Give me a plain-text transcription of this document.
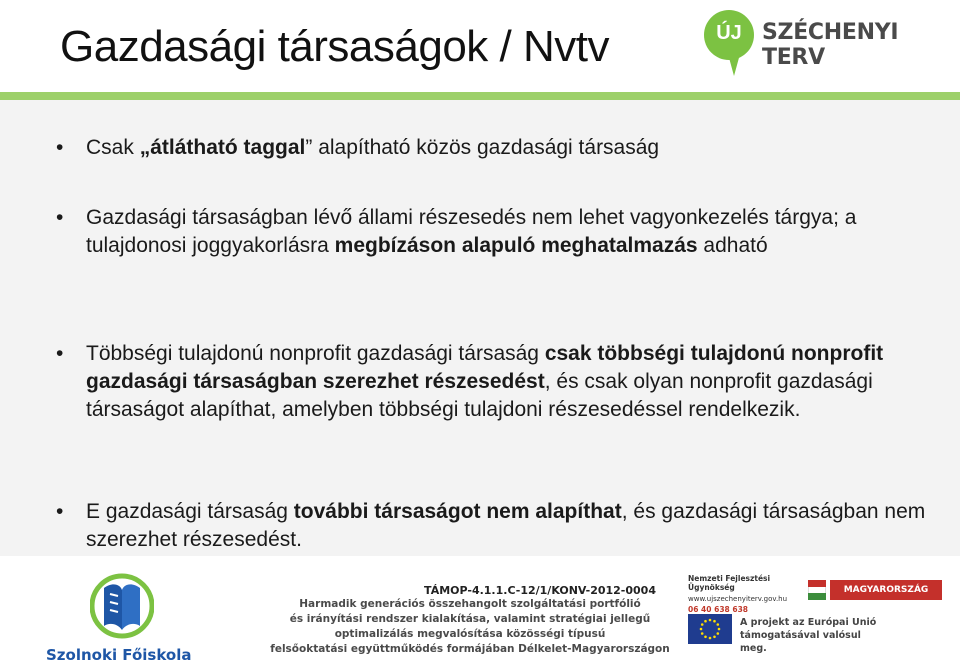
Gazdasági társaságok / Nvtv	ÚJ SZÉCHENYI TERV
• Csak „átlátható taggal” alapítható közös gazdasági társaság
• Gazdasági társaságban lévő állami részesedés nem lehet vagyonkezelés tárgya; a tulajdonosi joggyakorlásra megbízáson alapuló meghatalmazás adható
• Többségi tulajdonú nonprofit gazdasági társaság csak többségi tulajdonú nonprofit gazdasági társaságban szerezhet részesedést, és csak olyan nonprofit gazdasági társaságot alapíthat, amelyben többségi tulajdoni részesedéssel rendelkezik.
• E gazdasági társaság további társaságot nem alapíthat, és gazdasági társaságban nem szerezhet részesedést.
Szolnoki Főiskola
TÁMOP-4.1.1.C-12/1/KONV-2012-0004
Harmadik generációs összehangolt szolgáltatási portfólió
és irányítási rendszer kialakítása, valamint stratégiai jellegű
optimalizálás megvalósítása közösségi típusú
felsőoktatási együttműködés formájában Délkelet-Magyarországon
Nemzeti Fejlesztési Ügynökség
www.ujszechenyiterv.gov.hu
06 40 638 638
MAGYARORSZÁG MEGÚJUL
A projekt az Európai Unió támogatásával valósul meg.
